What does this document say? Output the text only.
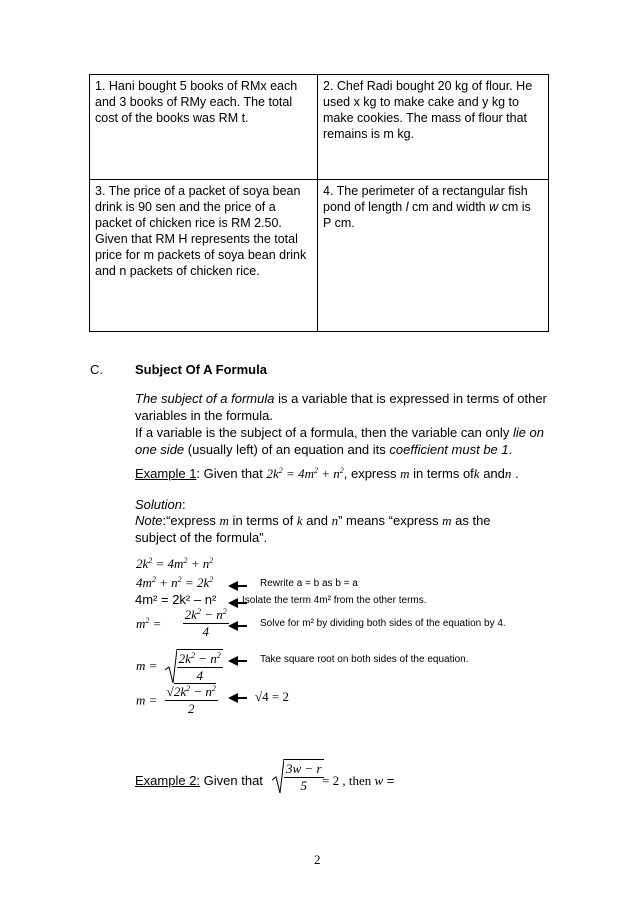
1. Hani bought 5 books of RMx each and 3 books of RMy each. The total cost of the books was RM t.	2. Chef Radi bought 20 kg of flour. He used x kg to make cake and y kg to make cookies. The mass of flour that remains is m kg.
3. The price of a packet of soya bean drink is 90 sen and the price of a packet of chicken rice is RM 2.50. Given that RM H represents the total price for m packets of soya bean drink and n packets of chicken rice.	4. The perimeter of a rectangular fish pond of length l cm and width w cm is P cm.
C. Subject Of A Formula
The subject of a formula is a variable that is expressed in terms of other variables in the formula.
If a variable is the subject of a formula, then the variable can only lie on one side (usually left) of an equation and its coefficient must be 1.
Example 1: Given that $2k^2 = 4m^2 + n^2$, express m in terms ofk andn .
Solution:
Note:“express m in terms of k and n” means “express m as the
subject of the formula”.
$2k^2 = 4m^2 + n^2$
$4m^2 + n^2 = 2k^2$	Rewrite a = b as b = a
4m² = 2k² – n²	Isolate the term 4m² from the other terms.
$m^2 = \frac{2k^2 - n^2}{4}$	Solve for m² by dividing both sides of the equation by 4.
$m = \frac{2k^2 - n^2}{4}$	Take square root on both sides of the equation.
$m = \frac{√2k^2 - n^2}{2}$	√4 = 2
Example 2: Given that $\frac{3w - r}{5}$
= 2 , then w =
2
